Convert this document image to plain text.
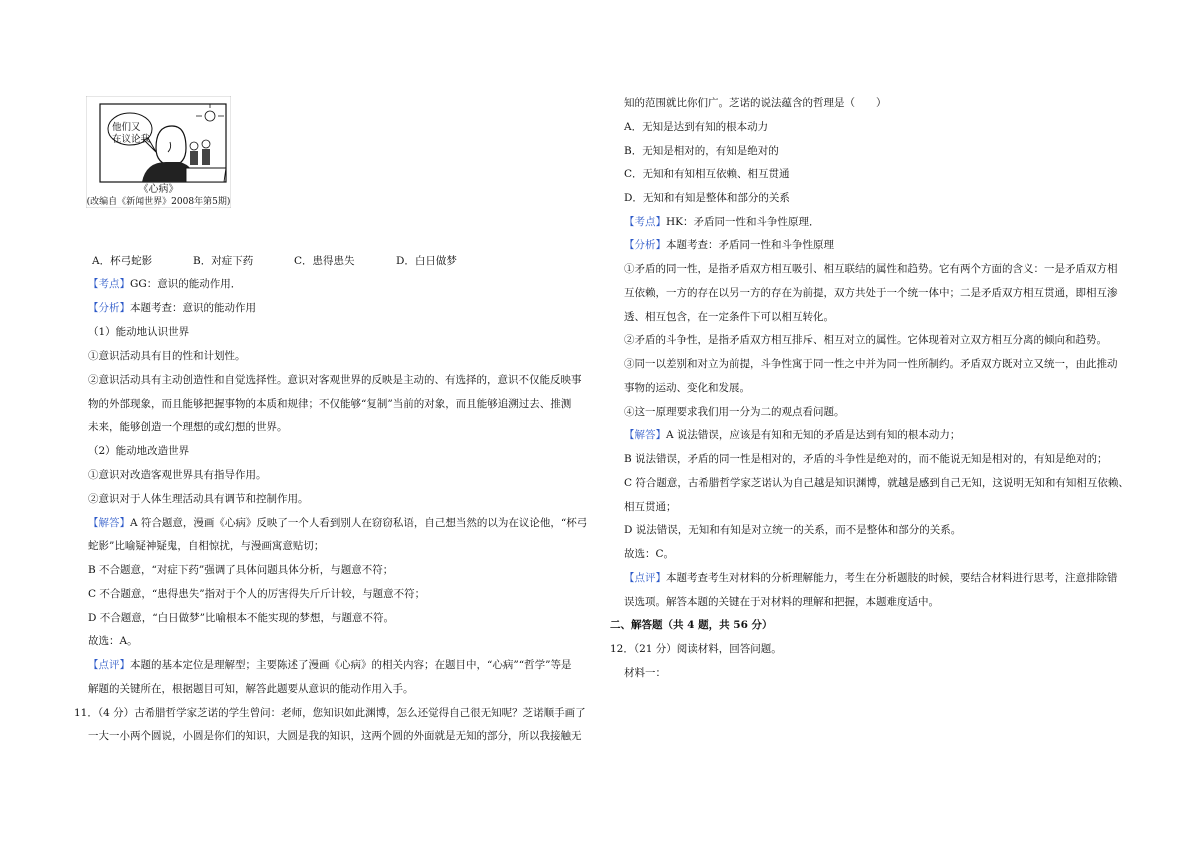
他们又
在议论我
《心病》
(改编自《新闻世界》2008年第5期)
A．杯弓蛇影	B．对症下药	C．患得患失	D．白日做梦
【考点】GG：意识的能动作用．
【分析】本题考查：意识的能动作用
（1）能动地认识世界
①意识活动具有目的性和计划性。
②意识活动具有主动创造性和自觉选择性。意识对客观世界的反映是主动的、有选择的，意识不仅能反映事
物的外部现象，而且能够把握事物的本质和规律；不仅能够“复制”当前的对象，而且能够追溯过去、推测
未来，能够创造一个理想的或幻想的世界。
（2）能动地改造世界
①意识对改造客观世界具有指导作用。
②意识对于人体生理活动具有调节和控制作用。
【解答】A 符合题意，漫画《心病》反映了一个人看到别人在窃窃私语，自己想当然的以为在议论他，“杯弓
蛇影”比喻疑神疑鬼，自相惊扰，与漫画寓意贴切；
B 不合题意，“对症下药”强调了具体问题具体分析，与题意不符；
C 不合题意，“患得患失”指对于个人的厉害得失斤斤计较，与题意不符；
D 不合题意，“白日做梦”比喻根本不能实现的梦想，与题意不符。
故选：A。
【点评】本题的基本定位是理解型；主要陈述了漫画《心病》的相关内容；在题目中，“心病”“哲学”等是
解题的关键所在，根据题目可知，解答此题要从意识的能动作用入手。
11．（4 分）古希腊哲学家芝诺的学生曾问：老师，您知识如此渊博，怎么还觉得自己很无知呢？芝诺顺手画了
一大一小两个圆说，小圆是你们的知识，大圆是我的知识，这两个圆的外面就是无知的部分，所以我接触无
知的范围就比你们广。芝诺的说法蕴含的哲理是（　　）
A．无知是达到有知的根本动力
B．无知是相对的，有知是绝对的
C．无知和有知相互依赖、相互贯通
D．无知和有知是整体和部分的关系
【考点】HK：矛盾同一性和斗争性原理．
【分析】本题考查：矛盾同一性和斗争性原理
①矛盾的同一性，是指矛盾双方相互吸引、相互联结的属性和趋势。它有两个方面的含义：一是矛盾双方相
互依赖，一方的存在以另一方的存在为前提，双方共处于一个统一体中；二是矛盾双方相互贯通，即相互渗
透、相互包含，在一定条件下可以相互转化。
②矛盾的斗争性，是指矛盾双方相互排斥、相互对立的属性。它体现着对立双方相互分离的倾向和趋势。
③同一以差别和对立为前提，斗争性寓于同一性之中并为同一性所制约。矛盾双方既对立又统一，由此推动
事物的运动、变化和发展。
④这一原理要求我们用一分为二的观点看问题。
【解答】A 说法错误，应该是有知和无知的矛盾是达到有知的根本动力；
B 说法错误，矛盾的同一性是相对的，矛盾的斗争性是绝对的，而不能说无知是相对的，有知是绝对的；
C 符合题意，古希腊哲学家芝诺认为自己越是知识渊博，就越是感到自己无知，这说明无知和有知相互依赖、
相互贯通；
D 说法错误，无知和有知是对立统一的关系，而不是整体和部分的关系。
故选：C。
【点评】本题考查考生对材料的分析理解能力，考生在分析题肢的时候，要结合材料进行思考，注意排除错
误选项。解答本题的关键在于对材料的理解和把握，本题难度适中。
二、解答题（共 4 题，共 56 分）
12．（21 分）阅读材料，回答问题。
材料一：
